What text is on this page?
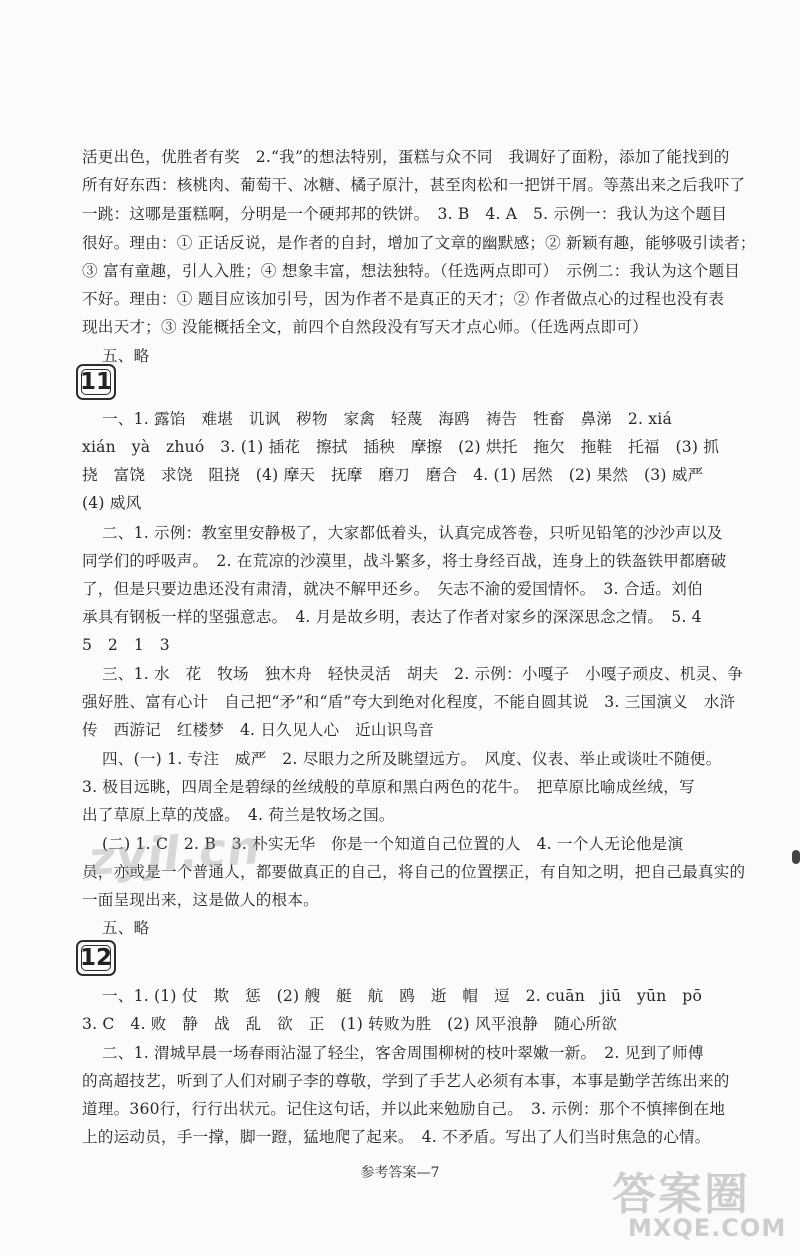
活更出色，优胜者有奖　2.“我”的想法特别，蛋糕与众不同　我调好了面粉，添加了能找到的
所有好东西：核桃肉、葡萄干、冰糖、橘子原汁，甚至肉松和一把饼干屑。等蒸出来之后我吓了
一跳：这哪是蛋糕啊，分明是一个硬邦邦的铁饼。　3. B　4. A　5. 示例一：我认为这个题目
很好。理由：① 正话反说，是作者的自封，增加了文章的幽默感；② 新颖有趣，能够吸引读者；
③ 富有童趣，引人入胜；④ 想象丰富，想法独特。（任选两点即可）　示例二：我认为这个题目
不好。理由：① 题目应该加引号，因为作者不是真正的天才；② 作者做点心的过程也没有表
现出天才；③ 没能概括全文，前四个自然段没有写天才点心师。（任选两点即可）
五、略
11
一、1. 露馅　难堪　讥讽　秽物　家禽　轻蔑　海鸥　祷告　牲畜　鼻涕　2. xiá
xián　yà　zhuó　3. (1) 插花　擦拭　插秧　摩擦　(2) 烘托　拖欠　拖鞋　托福　(3) 抓
挠　富饶　求饶　阻挠　(4) 摩天　抚摩　磨刀　磨合　4. (1) 居然　(2) 果然　(3) 威严
(4) 威风
二、1. 示例：教室里安静极了，大家都低着头，认真完成答卷，只听见铅笔的沙沙声以及
同学们的呼吸声。　2. 在荒凉的沙漠里，战斗繁多，将士身经百战，连身上的铁盔铁甲都磨破
了，但是只要边患还没有肃清，就决不解甲还乡。　矢志不渝的爱国情怀。　3. 合适。刘伯
承具有钢板一样的坚强意志。　4. 月是故乡明，表达了作者对家乡的深深思念之情。　5. 4
5　2　1　3
三、1. 水　花　牧场　独木舟　轻快灵活　胡夫　2. 示例：小嘎子　小嘎子顽皮、机灵、争
强好胜、富有心计　自己把“矛”和“盾”夸大到绝对化程度，不能自圆其说　3. 三国演义　水浒
传　西游记　红楼梦　4. 日久见人心　近山识鸟音
四、(一) 1. 专注　威严　2. 尽眼力之所及眺望远方。　风度、仪表、举止或谈吐不随便。
3. 极目远眺，四周全是碧绿的丝绒般的草原和黑白两色的花牛。　把草原比喻成丝绒，写
出了草原上草的茂盛。　4. 荷兰是牧场之国。
(二) 1. C　2. B　3. 朴实无华　你是一个知道自己位置的人　4. 一个人无论他是演
员，亦或是一个普通人，都要做真正的自己，将自己的位置摆正，有自知之明，把自己最真实的
一面呈现出来，这是做人的根本。
五、略
12
一、1. (1) 仗　欺　惩　(2) 艘　艇　航　鸥　逝　帽　逗　2. cuān　jiū　yūn　pō
3. C　4. 败　静　战　乱　欲　正　(1) 转败为胜　(2) 风平浪静　随心所欲
二、1. 渭城早晨一场春雨沾湿了轻尘，客舍周围柳树的枝叶翠嫩一新。　2. 见到了师傅
的高超技艺，听到了人们对刷子李的尊敬，学到了手艺人必须有本事，本事是勤学苦练出来的
道理。360行，行行出状元。记住这句话，并以此来勉励自己。　3. 示例：那个不慎摔倒在地
上的运动员，手一撑，脚一蹬，猛地爬了起来。　4. 不矛盾。写出了人们当时焦急的心情。
参考答案—7
zyjl.cn
答案圈
MXQE.COM
